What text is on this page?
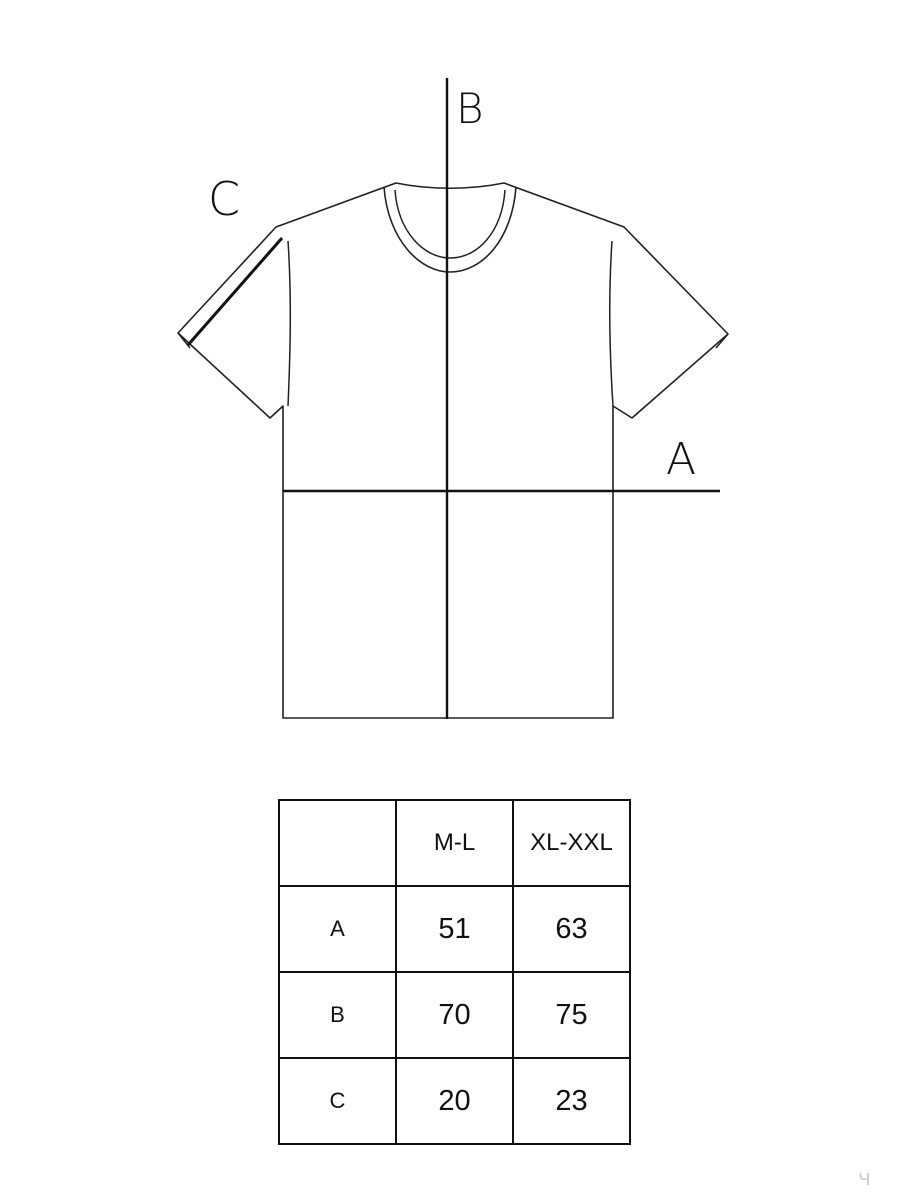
B
C
A
	M-L	XL-XXL
A	51	63
B	70	75
C	20	23
ч
